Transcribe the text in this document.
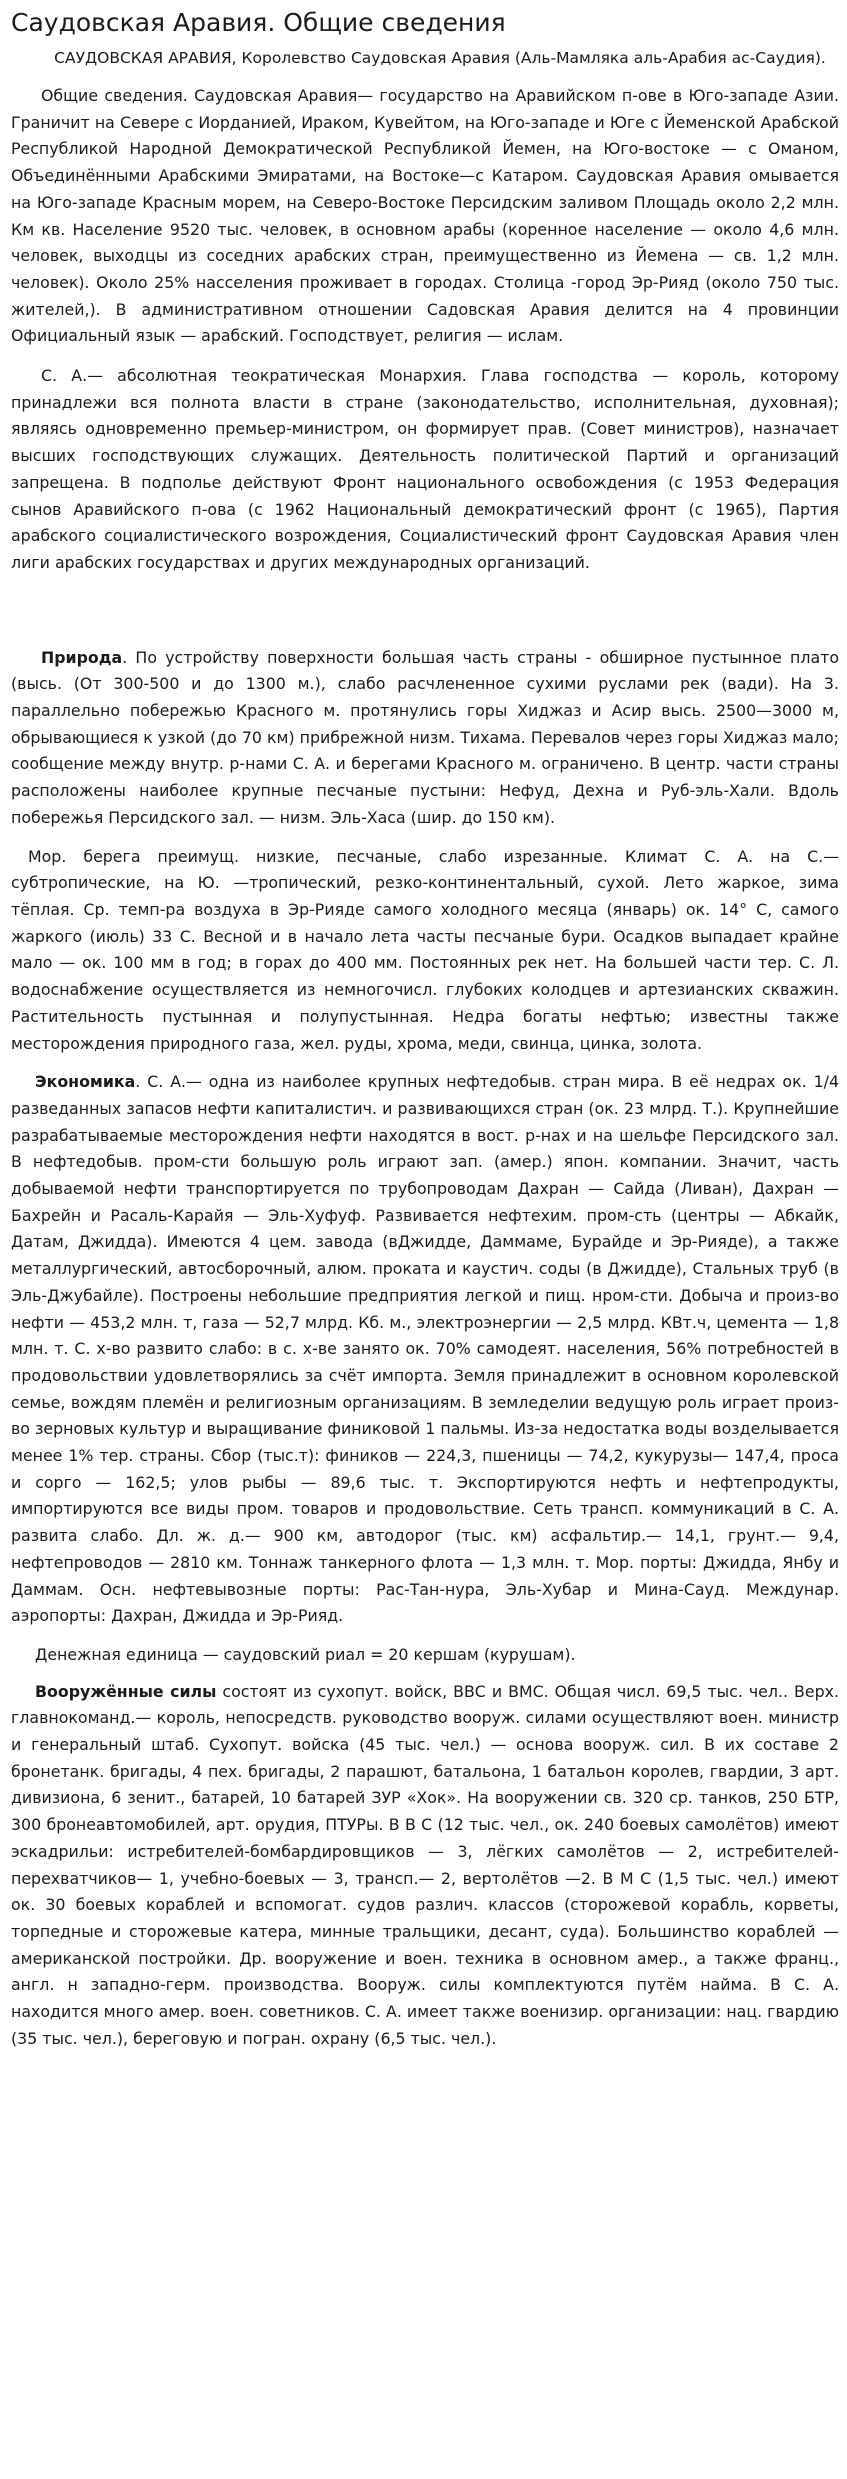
Саудовская Аравия. Общие сведения
САУДОВСКАЯ АРАВИЯ, Королевство Саудовская Аравия (Аль-Мамляка аль-Арабия ас-Саудия).

Общие сведения. Саудовская Аравия— государство на Аравийском п-ове в Юго-западе Азии. Граничит на Севере с Иорданией, Ираком, Кувейтом, на Юго-западе и Юге с Йеменской Арабской Республикой Народной Демократической Республикой Йемен, на Юго-востоке — с Оманом, Объединёнными Арабскими Эмиратами, на Востоке—с Катаром. Саудовская Аравия омывается на Юго-западе Красным морем, на Северо-Востоке Персидским заливом Площадь около 2,2 млн. Км кв. Население 9520 тыс. человек, в основном арабы (коренное население — около 4,6 млн. человек, выходцы из соседних арабских стран, преимущественно из Йемена — св. 1,2 млн. человек). Около 25% насселения проживает в городах. Столица -город Эр-Рияд (около 750 тыс. жителей,). В административном отношении Садовская Аравия делится на 4 провинции Официальный язык — арабский. Господствует, религия — ислам.

С. А.— абсолютная теократическая Монархия. Глава господства — король, которому принадлежи вся полнота власти в стране (законодательство, исполнительная, духовная); являясь одновременно премьер-министром, он формирует прав. (Совет министров), назначает высших господствующих служащих. Деятельность политической Партий и организаций запрещена. В подполье действуют Фронт национального освобождения (с 1953 Федерация сынов Аравийского п-ова (с 1962 Национальный демократический фронт (с 1965), Партия арабского социалистического возрождения, Социалистический фронт Саудовская Аравия член лиги арабских государствах и других международных организаций.

Природа. По устройству поверхности большая часть страны - обширное пустынное плато (высь. (От 300-500 и до 1300 м.), слабо расчлененное сухими руслами рек (вади). На 3. параллельно побережью Красного м. протянулись горы Хиджаз и Асир высь. 2500—3000 м, обрывающиеся к узкой (до 70 км) прибрежной низм. Тихама. Перевалов через горы Хиджаз мало; сообщение между внутр. р-нами С. А. и берегами Красного м. ограничено. В центр. части страны расположены наиболее крупные песчаные пустыни: Нефуд, Дехна и Руб-эль-Хали. Вдоль побережья Персидского зал. — низм. Эль-Хаса (шир. до 150 км).

Мор. берега преимущ. низкие, песчаные, слабо изрезанные. Климат С. А. на С.— субтропические, на Ю. —тропический, резко-континентальный, сухой. Лето жаркое, зима тёплая. Ср. темп-ра воздуха в Эр-Рияде самого холодного месяца (январь) ок. 14° С, самого жаркого (июль) 33 С. Весной и в начало лета часты песчаные бури. Осадков выпадает крайне мало — ок. 100 мм в год; в горах до 400 мм. Постоянных рек нет. На большей части тер. С. Л. водоснабжение осуществляется из немногочисл. глубоких колодцев и артезианских скважин. Растительность пустынная и полупустынная. Недра богаты нефтью; известны также месторождения природного газа, жел. руды, хрома, меди, свинца, цинка, золота.

Экономика. С. А.— одна из наиболее крупных нефтедобыв. стран мира. В её недрах ок. 1/4 разведанных запасов нефти капиталистич. и развивающихся стран (ок. 23 млрд. Т.). Крупнейшие разрабатываемые месторождения нефти находятся в вост. р-нах и на шельфе Персидского зал. В нефтедобыв. пром-сти большую роль играют зап. (амер.) япон. компании. Значит, часть добываемой нефти транспортируется по трубопроводам Дахран — Сайда (Ливан), Дахран — Бахрейн и Расаль-Карайя — Эль-Хуфуф. Развивается нефтехим. пром-сть (центры — Абкайк, Датам, Джидда). Имеются 4 цем. завода (вДжидде, Даммаме, Бурайде и Эр-Рияде), а также металлургический, автосборочный, алюм. проката и каустич. соды (в Джидде), Стальных труб (в Эль-Джубайле). Построены небольшие предприятия легкой и пищ. нром-сти. Добыча и произ-во нефти — 453,2 млн. т, газа — 52,7 млрд. Кб. м., электроэнергии — 2,5 млрд. КВт.ч, цемента — 1,8 млн. т. С. х-во развито слабо: в с. х-ве занято ок. 70% самодеят. населения, 56% потребностей в продовольствии удовлетворялись за счёт импорта. Земля принадлежит в основном королевской семье, вождям племён и религиозным организациям. В земледелии ведущую роль играет произ-во зерновых культур и выращивание финиковой 1 пальмы. Из-за недостатка воды возделывается менее 1% тер. страны. Сбор (тыс.т): фиников — 224,3, пшеницы — 74,2, кукурузы— 147,4, проса и сорго — 162,5; улов рыбы — 89,6 тыс. т. Экспортируются нефть и нефтепродукты, импортируются все виды пром. товаров и продовольствие. Сеть трансп. коммуникаций в С. А. развита слабо. Дл. ж. д.— 900 км, автодорог (тыс. км) асфальтир.— 14,1, грунт.— 9,4, нефтепроводов — 2810 км. Тоннаж танкерного флота — 1,3 млн. т. Мор. порты: Джидда, Янбу и Даммам. Осн. нефтевывозные порты: Рас-Тан-нура, Эль-Хубар и Мина-Сауд. Междунар. аэропорты: Дахран, Джидда и Эр-Рияд.

Денежная единица — саудовский риал = 20 кершам (курушам).

Вооружённые силы состоят из сухопут. войск, ВВС и ВМС. Общая числ. 69,5 тыс. чел.. Верх. главнокоманд.— король, непосредств. руководство вооруж. силами осуществляют воен. министр и генеральный штаб. Сухопут. войска (45 тыс. чел.) — основа вооруж. сил. В их составе 2 бронетанк. бригады, 4 пех. бригады, 2 парашют, батальона, 1 батальон королев, гвардии, 3 арт. дивизиона, 6 зенит., батарей, 10 батарей ЗУР «Хок». На вооружении св. 320 ср. танков, 250 БТР, 300 бронеавтомобилей, арт. орудия, ПТУРы. В В С (12 тыс. чел., ок. 240 боевых самолётов) имеют эскадрильи: истребителей-бомбардировщиков — 3, лёгких самолётов — 2, истребителей-перехватчиков— 1, учебно-боевых — 3, трансп.— 2, вертолётов —2. В М С (1,5 тыс. чел.) имеют ок. 30 боевых кораблей и вспомогат. судов различ. классов (сторожевой корабль, корветы, торпедные и сторожевые катера, минные тральщики, десант, суда). Большинство кораблей — американской постройки. Др. вооружение и воен. техника в основном амер., а также франц., англ. н западно-герм. производства. Вооруж. силы комплектуются путём найма. В С. А. находится много амер. воен. советников. С. А. имеет также военизир. организации: нац. гвардию (35 тыс. чел.), береговую и погран. охрану (6,5 тыс. чел.).
